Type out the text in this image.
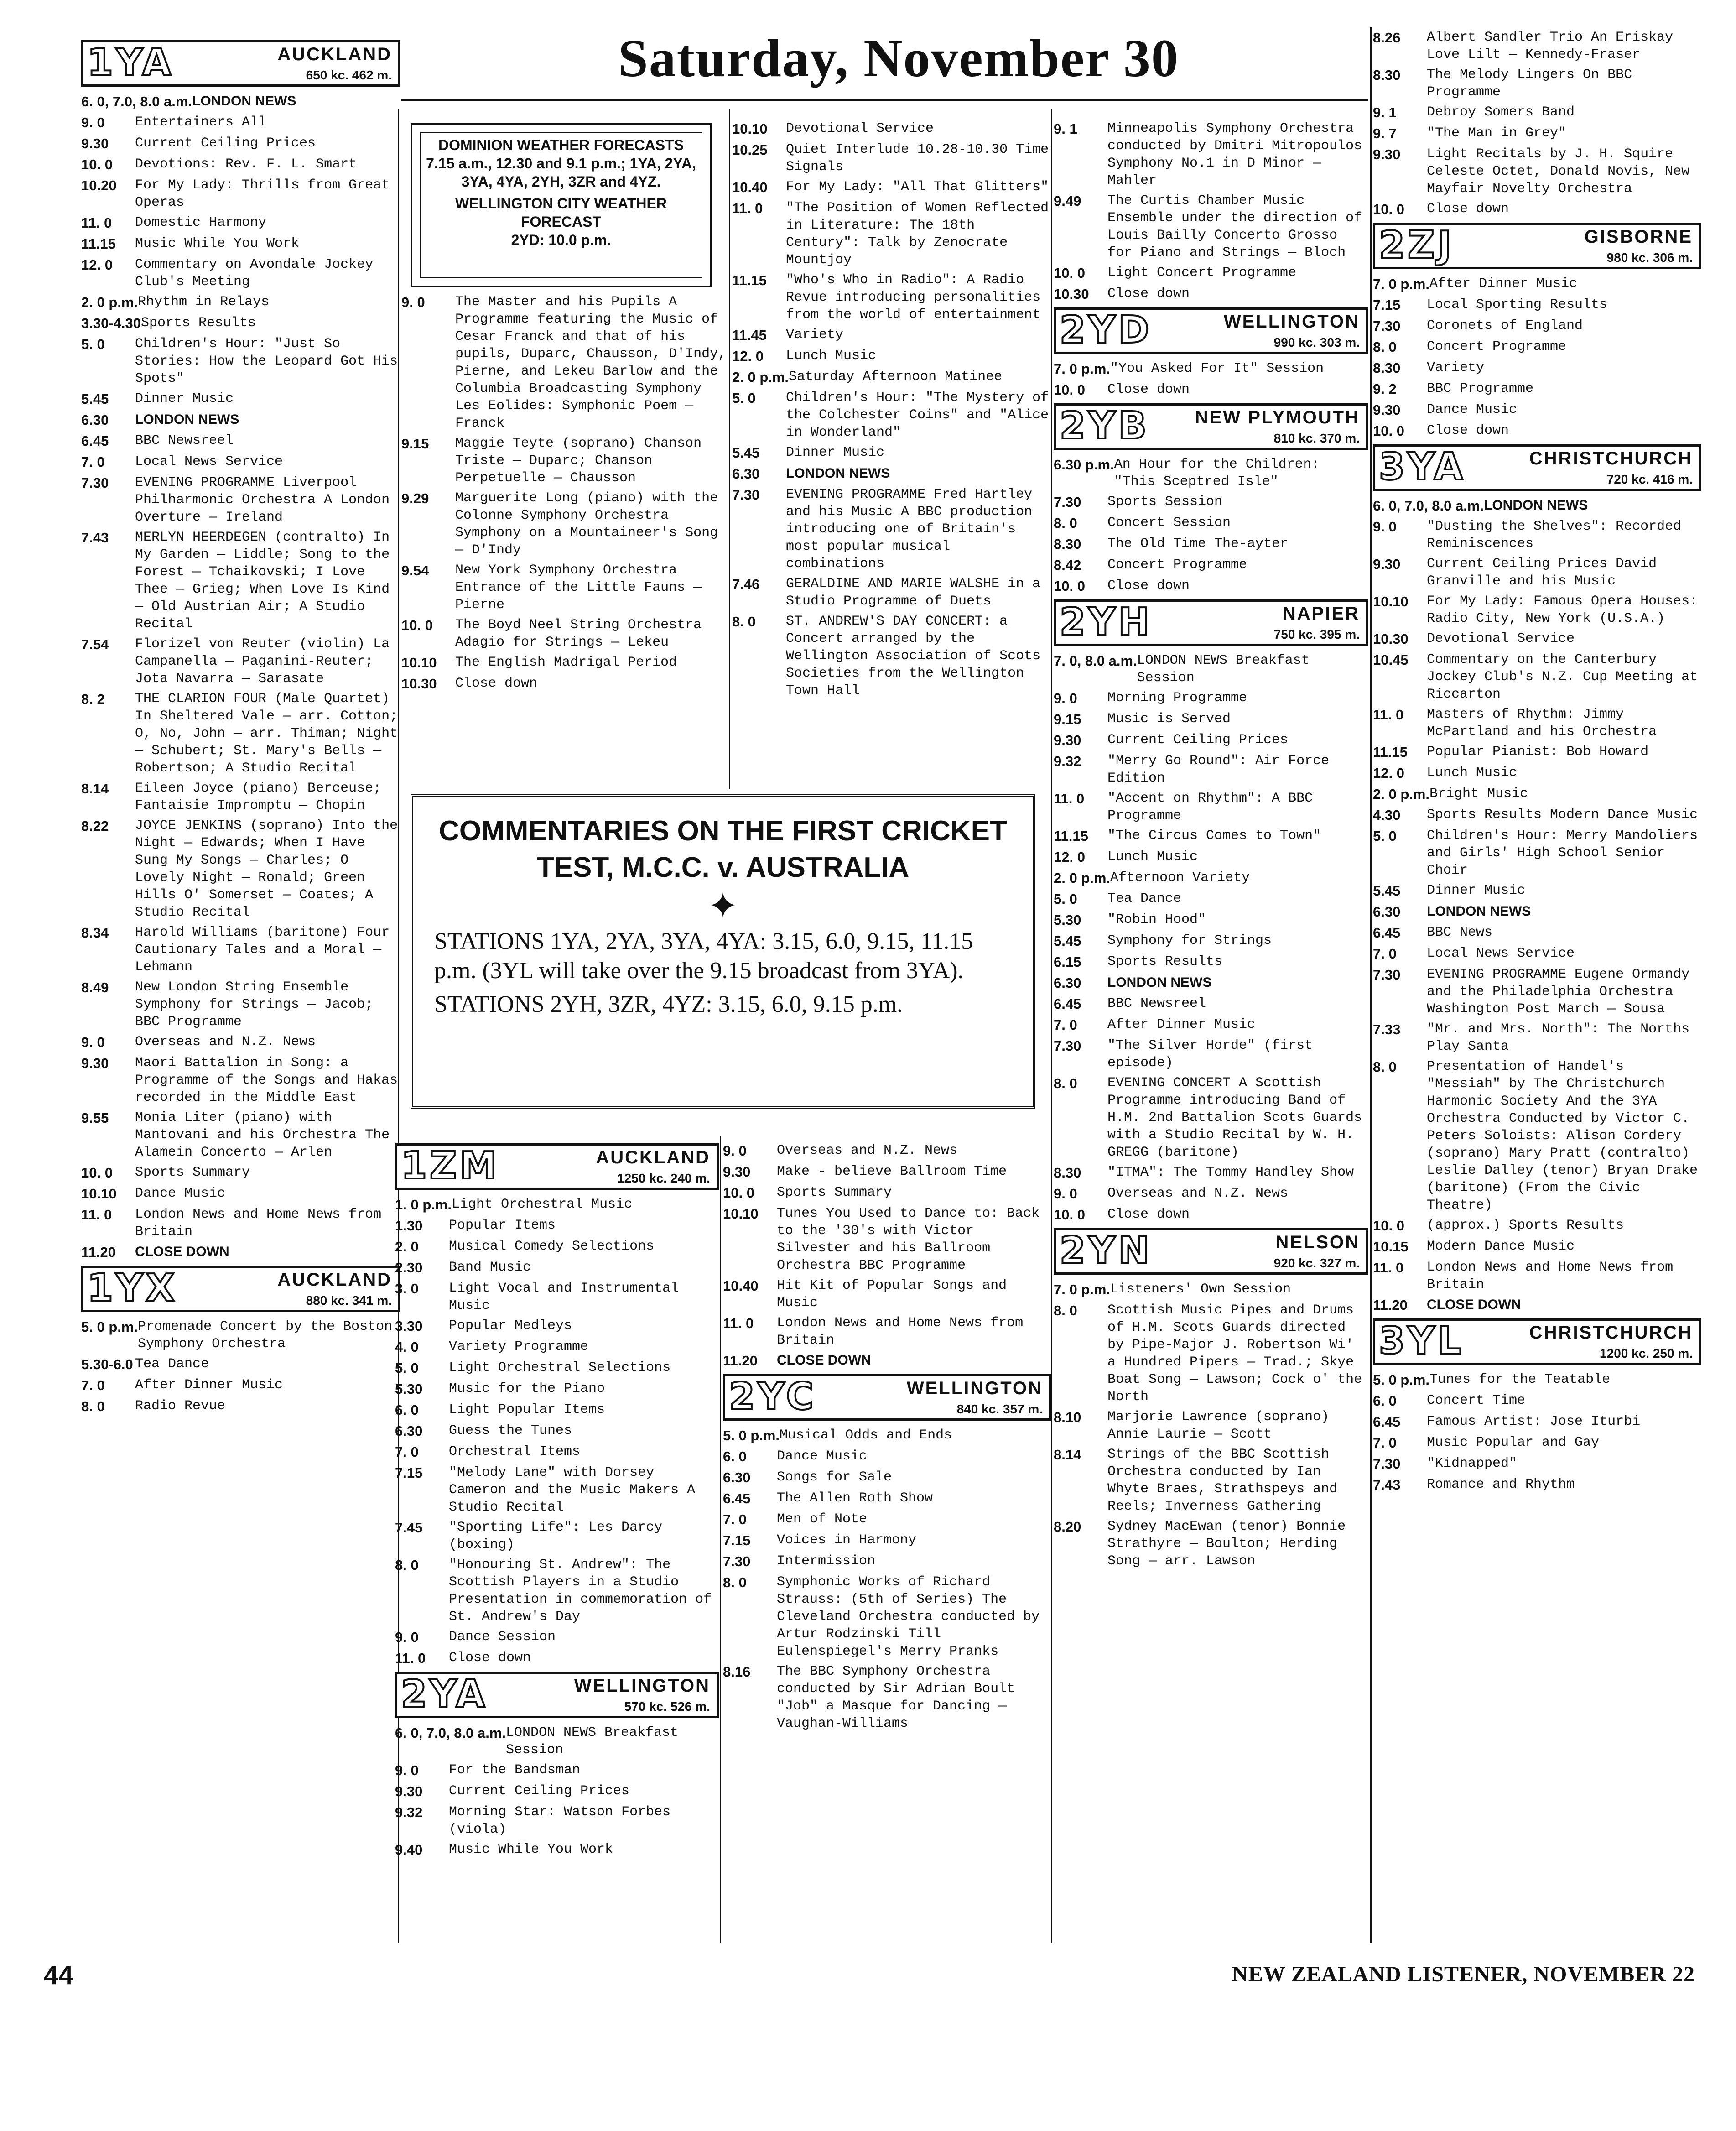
Saturday, November 30
DOMINION WEATHER FORECASTS
7.15 a.m., 12.30 and 9.1 p.m.; 1YA, 2YA, 3YA, 4YA, 2YH, 3ZR and 4YZ.
WELLINGTON CITY WEATHER FORECAST
2YD: 10.0 p.m.
COMMENTARIES ON THE FIRST CRICKET TEST, M.C.C. v. AUSTRALIA
✦
STATIONS 1YA, 2YA, 3YA, 4YA: 3.15, 6.0, 9.15, 11.15 p.m. (3YL will take over the 9.15 broadcast from 3YA).
STATIONS 2YH, 3ZR, 4YZ: 3.15, 6.0, 9.15 p.m.
1YA	AUCKLAND
650 kc. 462 m.
6. 0, 7.0, 8.0 a.m. LONDON NEWS
9. 0	Entertainers All
9.30	Current Ceiling Prices
10. 0	Devotions: Rev. F. L. Smart
10.20	For My Lady: Thrills from Great Operas
11. 0	Domestic Harmony
11.15	Music While You Work
12. 0	Commentary on Avondale Jockey Club's Meeting
2. 0 p.m. Rhythm in Relays
3.30-4.30 Sports Results
5. 0	Children's Hour: "Just So Stories: How the Leopard Got His Spots"
5.45	Dinner Music
6.30	LONDON NEWS
6.45	BBC Newsreel
7. 0	Local News Service
7.30	EVENING PROGRAMME Liverpool Philharmonic Orchestra A London Overture — Ireland
7.43	MERLYN HEERDEGEN (contralto) In My Garden — Liddle; Song to the Forest — Tchaikovski; I Love Thee — Grieg; When Love Is Kind — Old Austrian Air; A Studio Recital
7.54	Florizel von Reuter (violin) La Campanella — Paganini-Reuter; Jota Navarra — Sarasate
8. 2	THE CLARION FOUR (Male Quartet) In Sheltered Vale — arr. Cotton; O, No, John — arr. Thiman; Night — Schubert; St. Mary's Bells — Robertson; A Studio Recital
8.14	Eileen Joyce (piano) Berceuse; Fantaisie Impromptu — Chopin
8.22	JOYCE JENKINS (soprano) Into the Night — Edwards; When I Have Sung My Songs — Charles; O Lovely Night — Ronald; Green Hills O' Somerset — Coates; A Studio Recital
8.34	Harold Williams (baritone) Four Cautionary Tales and a Moral — Lehmann
8.49	New London String Ensemble Symphony for Strings — Jacob; BBC Programme
9. 0	Overseas and N.Z. News
9.30	Maori Battalion in Song: a Programme of the Songs and Hakas recorded in the Middle East
9.55	Monia Liter (piano) with Mantovani and his Orchestra The Alamein Concerto — Arlen
10. 0	Sports Summary
10.10	Dance Music
11. 0	London News and Home News from Britain
11.20	CLOSE DOWN
1YX	AUCKLAND
880 kc. 341 m.
5. 0 p.m. Promenade Concert by the Boston Symphony Orchestra
5.30-6.0 Tea Dance
7. 0	After Dinner Music
8. 0	Radio Revue
9. 0	The Master and his Pupils A Programme featuring the Music of Cesar Franck and that of his pupils, Duparc, Chausson, D'Indy, Pierne, and Lekeu Barlow and the Columbia Broadcasting Symphony Les Eolides: Symphonic Poem — Franck
9.15	Maggie Teyte (soprano) Chanson Triste — Duparc; Chanson Perpetuelle — Chausson
9.29	Marguerite Long (piano) with the Colonne Symphony Orchestra Symphony on a Mountaineer's Song — D'Indy
9.54	New York Symphony Orchestra Entrance of the Little Fauns — Pierne
10. 0	The Boyd Neel String Orchestra Adagio for Strings — Lekeu
10.10	The English Madrigal Period
10.30	Close down
10.10	Devotional Service
10.25	Quiet Interlude 10.28-10.30 Time Signals
10.40	For My Lady: "All That Glitters"
11. 0	"The Position of Women Reflected in Literature: The 18th Century": Talk by Zenocrate Mountjoy
11.15	"Who's Who in Radio": A Radio Revue introducing personalities from the world of entertainment
11.45	Variety
12. 0	Lunch Music
2. 0 p.m. Saturday Afternoon Matinee
5. 0	Children's Hour: "The Mystery of the Colchester Coins" and "Alice in Wonderland"
5.45	Dinner Music
6.30	LONDON NEWS
7.30	EVENING PROGRAMME Fred Hartley and his Music A BBC production introducing one of Britain's most popular musical combinations
7.46	GERALDINE AND MARIE WALSHE in a Studio Programme of Duets
8. 0	ST. ANDREW'S DAY CONCERT: a Concert arranged by the Wellington Association of Scots Societies from the Wellington Town Hall
9. 1	Minneapolis Symphony Orchestra conducted by Dmitri Mitropoulos Symphony No.1 in D Minor — Mahler
9.49	The Curtis Chamber Music Ensemble under the direction of Louis Bailly Concerto Grosso for Piano and Strings — Bloch
10. 0	Light Concert Programme
10.30	Close down
2YD	WELLINGTON
990 kc. 303 m.
7. 0 p.m. "You Asked For It" Session
10. 0	Close down
2YB NEW PLYMOUTH
810 kc. 370 m.
6.30 p.m. An Hour for the Children: "This Sceptred Isle"
7.30	Sports Session
8. 0	Concert Session
8.30	The Old Time The-ayter
8.42	Concert Programme
10. 0	Close down
2YH	NAPIER
750 kc. 395 m.
7. 0, 8.0 a.m. LONDON NEWS Breakfast Session
9. 0	Morning Programme
9.15	Music is Served
9.30	Current Ceiling Prices
9.32	"Merry Go Round": Air Force Edition
11. 0	"Accent on Rhythm": A BBC Programme
11.15	"The Circus Comes to Town"
12. 0	Lunch Music
2. 0 p.m. Afternoon Variety
5. 0	Tea Dance
5.30	"Robin Hood"
5.45	Symphony for Strings
6.15	Sports Results
6.30	LONDON NEWS
6.45	BBC Newsreel
7. 0	After Dinner Music
7.30	"The Silver Horde" (first episode)
8. 0	EVENING CONCERT A Scottish Programme introducing Band of H.M. 2nd Battalion Scots Guards with a Studio Recital by W. H. GREGG (baritone)
8.30	"ITMA": The Tommy Handley Show
9. 0	Overseas and N.Z. News
10. 0	Close down
2YN	NELSON
920 kc. 327 m.
7. 0 p.m. Listeners' Own Session
8. 0	Scottish Music Pipes and Drums of H.M. Scots Guards directed by Pipe-Major J. Robertson Wi' a Hundred Pipers — Trad.; Skye Boat Song — Lawson; Cock o' the North
8.10	Marjorie Lawrence (soprano) Annie Laurie — Scott
8.14	Strings of the BBC Scottish Orchestra conducted by Ian Whyte Braes, Strathspeys and Reels; Inverness Gathering
8.20	Sydney MacEwan (tenor) Bonnie Strathyre — Boulton; Herding Song — arr. Lawson
8.26	Albert Sandler Trio An Eriskay Love Lilt — Kennedy-Fraser
8.30	The Melody Lingers On BBC Programme
9. 1	Debroy Somers Band
9. 7	"The Man in Grey"
9.30	Light Recitals by J. H. Squire Celeste Octet, Donald Novis, New Mayfair Novelty Orchestra
10. 0	Close down
2ZJ	GISBORNE
980 kc. 306 m.
7. 0 p.m. After Dinner Music
7.15	Local Sporting Results
7.30	Coronets of England
8. 0	Concert Programme
8.30	Variety
9. 2	BBC Programme
9.30	Dance Music
10. 0	Close down
3YA	CHRISTCHURCH
720 kc. 416 m.
6. 0, 7.0, 8.0 a.m. LONDON NEWS
9. 0	"Dusting the Shelves": Recorded Reminiscences
9.30	Current Ceiling Prices David Granville and his Music
10.10	For My Lady: Famous Opera Houses: Radio City, New York (U.S.A.)
10.30	Devotional Service
10.45	Commentary on the Canterbury Jockey Club's N.Z. Cup Meeting at Riccarton
11. 0	Masters of Rhythm: Jimmy McPartland and his Orchestra
11.15	Popular Pianist: Bob Howard
12. 0	Lunch Music
2. 0 p.m. Bright Music
4.30	Sports Results Modern Dance Music
5. 0	Children's Hour: Merry Mandoliers and Girls' High School Senior Choir
5.45	Dinner Music
6.30	LONDON NEWS
6.45	BBC News
7. 0	Local News Service
7.30	EVENING PROGRAMME Eugene Ormandy and the Philadelphia Orchestra Washington Post March — Sousa
7.33	"Mr. and Mrs. North": The Norths Play Santa
8. 0	Presentation of Handel's "Messiah" by The Christchurch Harmonic Society And the 3YA Orchestra Conducted by Victor C. Peters Soloists: Alison Cordery (soprano) Mary Pratt (contralto) Leslie Dalley (tenor) Bryan Drake (baritone) (From the Civic Theatre)
10. 0	(approx.) Sports Results
10.15	Modern Dance Music
11. 0	London News and Home News from Britain
11.20	CLOSE DOWN
3YL	CHRISTCHURCH
1200 kc. 250 m.
5. 0 p.m. Tunes for the Teatable
6. 0	Concert Time
6.45	Famous Artist: Jose Iturbi
7. 0	Music Popular and Gay
7.30	"Kidnapped"
7.43	Romance and Rhythm
1ZM	AUCKLAND
1250 kc. 240 m.
1. 0 p.m. Light Orchestral Music
1.30	Popular Items
2. 0	Musical Comedy Selections
2.30	Band Music
3. 0	Light Vocal and Instrumental Music
3.30	Popular Medleys
4. 0	Variety Programme
5. 0	Light Orchestral Selections
5.30	Music for the Piano
6. 0	Light Popular Items
6.30	Guess the Tunes
7. 0	Orchestral Items
7.15	"Melody Lane" with Dorsey Cameron and the Music Makers A Studio Recital
7.45	"Sporting Life": Les Darcy (boxing)
8. 0	"Honouring St. Andrew": The Scottish Players in a Studio Presentation in commemoration of St. Andrew's Day
9. 0	Dance Session
11. 0	Close down
2YA	WELLINGTON
570 kc. 526 m.
6. 0, 7.0, 8.0 a.m. LONDON NEWS Breakfast Session
9. 0	For the Bandsman
9.30	Current Ceiling Prices
9.32	Morning Star: Watson Forbes (viola)
9.40	Music While You Work
9. 0	Overseas and N.Z. News
9.30	Make - believe Ballroom Time
10. 0	Sports Summary
10.10	Tunes You Used to Dance to: Back to the '30's with Victor Silvester and his Ballroom Orchestra BBC Programme
10.40	Hit Kit of Popular Songs and Music
11. 0	London News and Home News from Britain
11.20	CLOSE DOWN
2YC	WELLINGTON
840 kc. 357 m.
5. 0 p.m. Musical Odds and Ends
6. 0	Dance Music
6.30	Songs for Sale
6.45	The Allen Roth Show
7. 0	Men of Note
7.15	Voices in Harmony
7.30	Intermission
8. 0	Symphonic Works of Richard Strauss: (5th of Series) The Cleveland Orchestra conducted by Artur Rodzinski Till Eulenspiegel's Merry Pranks
8.16	The BBC Symphony Orchestra conducted by Sir Adrian Boult "Job" a Masque for Dancing — Vaughan-Williams
44	NEW ZEALAND LISTENER, NOVEMBER 22
